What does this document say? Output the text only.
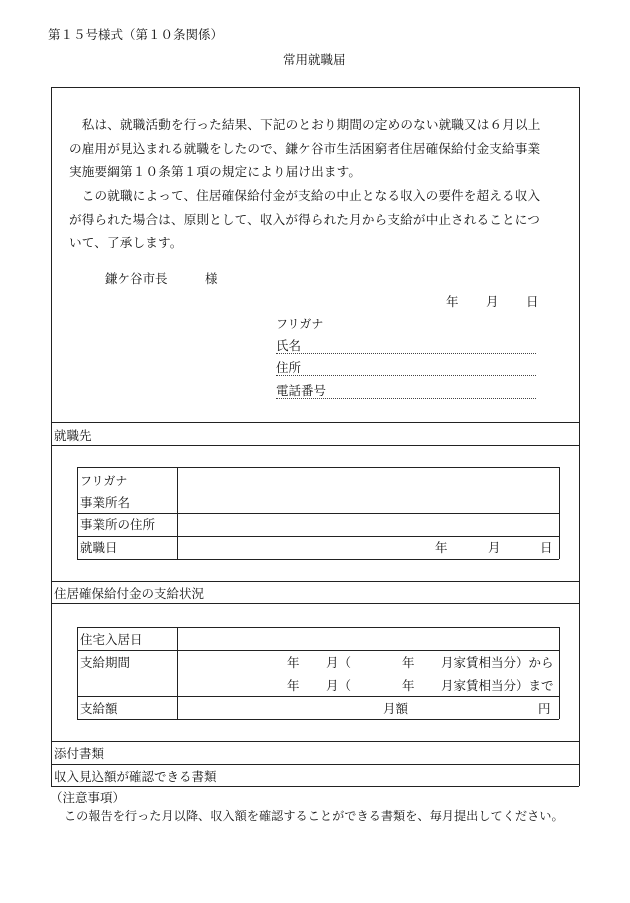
第１５号様式（第１０条関係）
常用就職届
　私は、就職活動を行った結果、下記のとおり期間の定めのない就職又は６月以上
の雇用が見込まれる就職をしたので、鎌ケ谷市生活困窮者住居確保給付金支給事業
実施要綱第１０条第１項の規定により届け出ます。
　この就職によって、住居確保給付金が支給の中止となる収入の要件を超える収入
が得られた場合は、原則として、収入が得られた月から支給が中止されることにつ
いて、了承します。
鎌ケ谷市長　　　様
年 月 日
フリガナ
氏名
住所
電話番号
就職先
フリガナ
事業所名
事業所の住所
就職日	年	月	日
住居確保給付金の支給状況
住宅入居日
支給期間	年 月（	年 月家賃相当分）から
年 月（	年 月家賃相当分）まで
支給額	月額	円
添付書類
収入見込額が確認できる書類
（注意事項）
この報告を行った月以降、収入額を確認することができる書類を、毎月提出してください。
